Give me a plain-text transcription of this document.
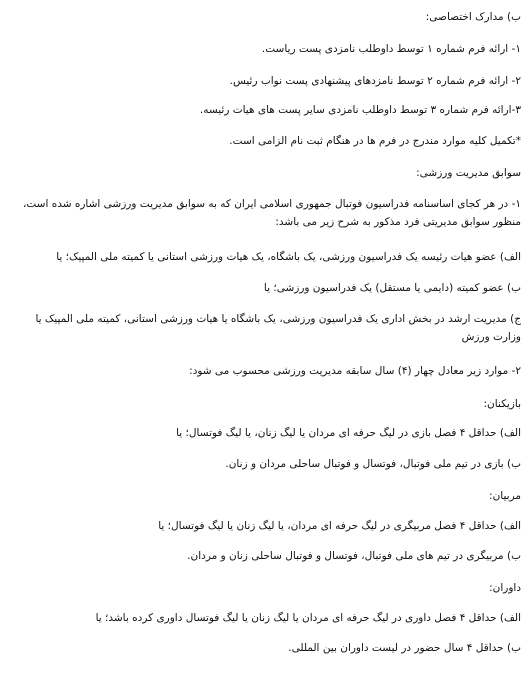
ب) مدارک اختصاصی:
۱- ارائه فرم شماره ۱ توسط داوطلب نامزدی پست ریاست.
۲- ارائه فرم شماره ۲ توسط نامزدهای پیشنهادی پست نواب رئیس.
۳-ارائه فرم شماره ۳ توسط داوطلب نامزدی سایر پست های هیات رئیسه.
*تکمیل کلیه موارد مندرج در فرم ها در هنگام ثبت نام الزامی است.
سوابق مدیریت ورزشی:
۱- در هر کجای اساسنامه فدراسیون فوتبال جمهوری اسلامی ایران که به سوابق مدیریت ورزشی اشاره شده است، منظور سوابق مدیریتی فرد مذکور به شرح زیر می باشد:
الف) عضو هیات رئیسه یک فدراسیون ورزشی، یک باشگاه، یک هیات ورزشی استانی یا کمیته ملی المپیک؛ یا
ب) عضو کمیته (دایمی یا مستقل) یک فدراسیون ورزشی؛ یا
ج) مدیریت ارشد در بخش اداری یک فدراسیون ورزشی، یک باشگاه یا هیات ورزشی استانی، کمیته ملی المپیک یا وزارت ورزش
۲- موارد زیر معادل چهار (۴) سال سابقه مدیریت ورزشی محسوب می شود:
بازیکنان:
الف) حداقل ۴ فصل بازی در لیگ حرفه ای مردان یا لیگ زنان، یا لیگ فوتسال؛ یا
ب) بازی در تیم ملی فوتبال، فوتسال و فوتبال ساحلی مردان و زنان.
مربیان:
الف) حداقل ۴ فصل مربیگری در لیگ حرفه ای مردان، یا لیگ زنان یا لیگ فوتسال؛ یا
ب) مربیگری در تیم های ملی فوتبال، فوتسال و فوتبال ساحلی زنان و مردان.
داوران:
الف) حداقل ۴ فصل داوری در لیگ حرفه ای مردان یا لیگ زنان یا لیگ فوتسال داوری کرده باشد؛ یا
ب) حداقل ۴ سال حضور در لیست داوران بین المللی.
